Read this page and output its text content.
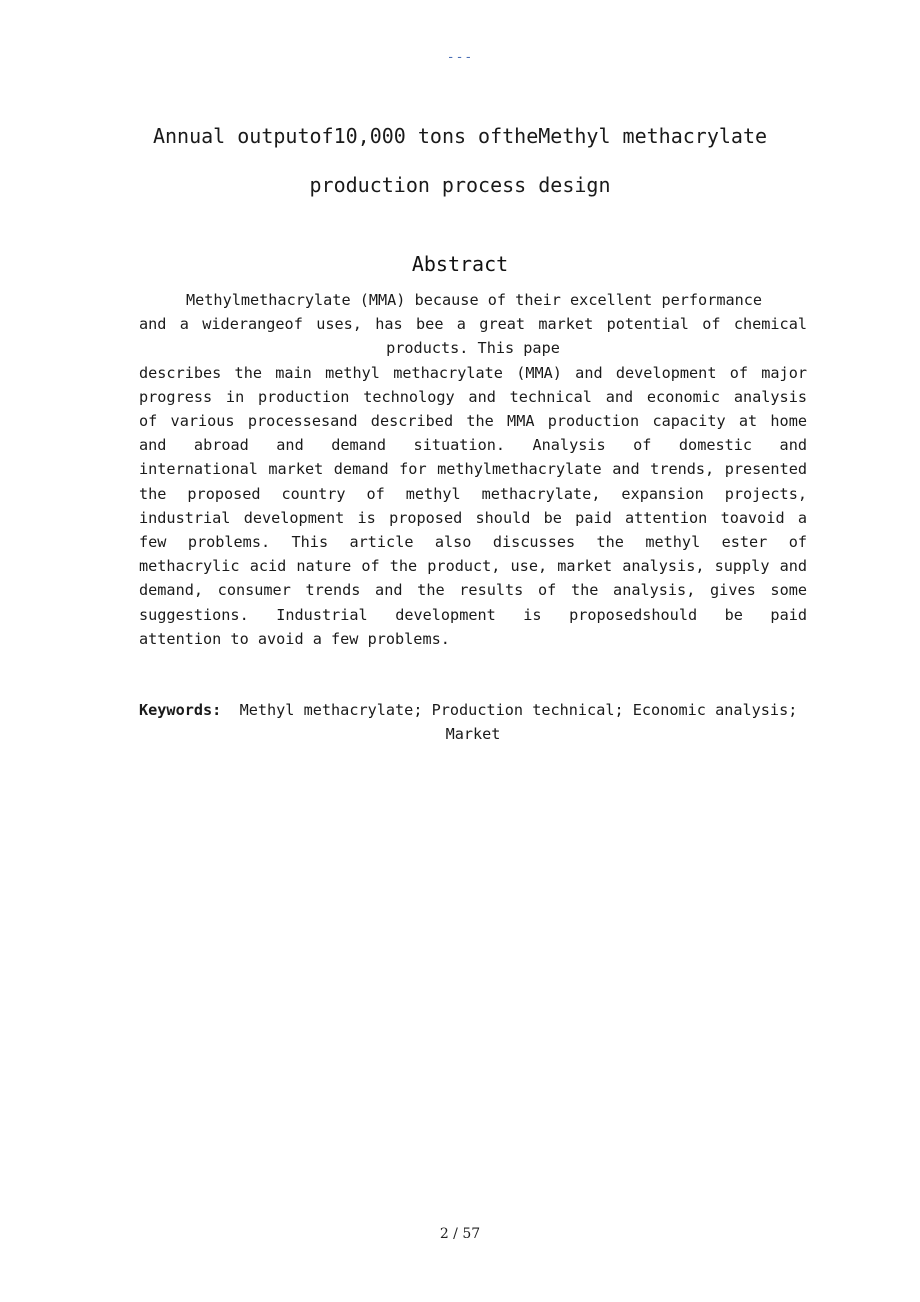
---
Annual outputof10,000 tons oftheMethyl methacrylate
production process design
Abstract
Methylmethacrylate (MMA) because of their excellent performance
and a widerangeof uses, has bee a great market potential of chemical
products. This pape
describes the main methyl methacrylate (MMA) and development of major
progress in production technology and technical and economic analysis
of various processesand described the MMA production capacity at home
and abroad and demand situation. Analysis of domestic and
international market demand for methylmethacrylate and trends, presented
the proposed country of methyl methacrylate, expansion projects,
industrial development is proposed should be paid attention toavoid a
few problems. This article also discusses the methyl ester of
methacrylic acid nature of the product, use, market analysis, supply and
demand, consumer trends and the results of the analysis, gives some
suggestions. Industrial development is proposedshould be paid
attention to avoid a few problems.
Keywords: Methyl methacrylate; Production technical; Economic analysis;
Market
2 / 57
